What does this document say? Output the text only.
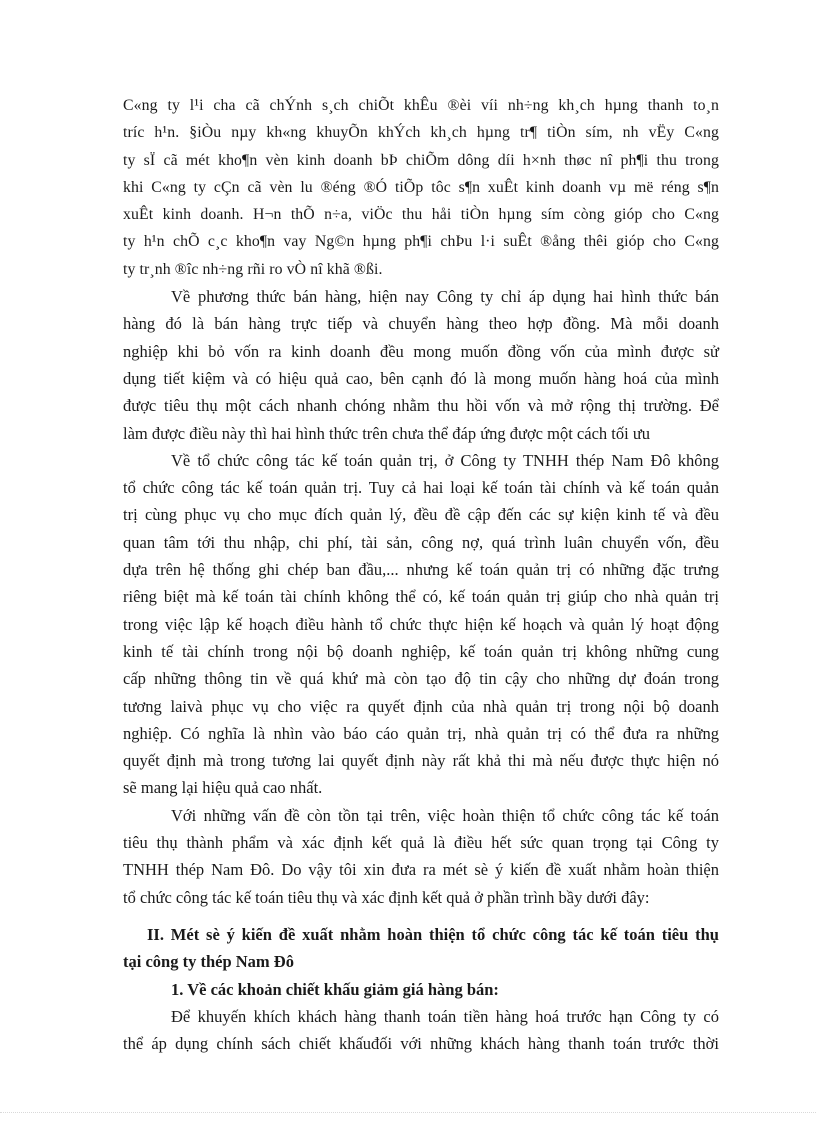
C«ng ty l¹i cha cã chÝnh s¸ch chiÕt khÊu ®èi víi nh÷ng kh¸ch hµng thanh to¸n
tríc h¹n. §iÒu nµy kh«ng khuyÕn khÝch kh¸ch hµng tr¶ tiÒn sím, nh vËy C«ng
ty sÏ cã mét kho¶n vèn kinh doanh bÞ chiÕm dông díi h×nh thøc nî ph¶i thu trong
khi C«ng ty cÇn cã vèn lu ®éng ®Ó tiÕp tôc s¶n xuÊt kinh doanh vµ më réng s¶n
xuÊt kinh doanh. H¬n thÕ n÷a, viÖc thu håi tiÒn hµng sím còng gióp cho C«ng
ty h¹n chÕ c¸c kho¶n vay Ng©n hµng ph¶i chÞu l·i suÊt ®ång thêi gióp cho C«ng
ty tr¸nh ®îc nh÷ng rñi ro vÒ nî khã ®ßi.

Về phương thức bán hàng, hiện nay Công ty chỉ áp dụng hai hình thức bán
hàng đó là bán hàng trực tiếp và chuyển hàng theo hợp đồng. Mà mỗi doanh
nghiệp khi bỏ vốn ra kinh doanh đều mong muốn đồng vốn của mình được sử
dụng tiết kiệm và có hiệu quả cao, bên cạnh đó là mong muốn hàng hoá của mình
được tiêu thụ một cách nhanh chóng nhằm thu hồi vốn và mở rộng thị trường. Để
làm được điều này thì hai hình thức trên chưa thể đáp ứng được một cách tối ưu

Về tổ chức công tác kế toán quản trị, ở Công ty TNHH thép Nam Đô không
tổ chức công tác kế toán quản trị. Tuy cả hai loại kế toán tài chính và kế toán quản
trị cùng phục vụ cho mục đích quản lý, đều đề cập đến các sự kiện kinh tế và đều
quan tâm tới thu nhập, chi phí, tài sản, công nợ, quá trình luân chuyển vốn, đều
dựa trên hệ thống ghi chép ban đầu,... nhưng kế toán quản trị có những đặc trưng
riêng biệt mà kế toán tài chính không thể có, kế toán quản trị giúp cho nhà quản trị
trong việc lập kế hoạch điều hành tổ chức thực hiện kế hoạch và quản lý hoạt động
kinh tế tài chính trong nội bộ doanh nghiệp, kế toán quản trị không những cung
cấp những thông tin về quá khứ mà còn tạo độ tin cậy cho những dự đoán trong
tương laivà phục vụ cho việc ra quyết định của nhà quản trị trong nội bộ doanh
nghiệp. Có nghĩa là nhìn vào báo cáo quản trị, nhà quản trị có thể đưa ra những
quyết định mà trong tương lai quyết định này rất khả thi mà nếu được thực hiện nó
sẽ mang lại hiệu quả cao nhất.

Với những vấn đề còn tồn tại trên, việc hoàn thiện tổ chức công tác kế toán
tiêu thụ thành phẩm và xác định kết quả là điều hết sức quan trọng tại Công ty
TNHH thép Nam Đô. Do vậy tôi xin đưa ra mét sè ý kiến đề xuất nhằm hoàn thiện
tổ chức công tác kế toán tiêu thụ và xác định kết quả ở phần trình bầy dưới đây:

II. Mét sè ý kiến đề xuất nhằm hoàn thiện tổ chức công tác kế toán tiêu thụ
tại công ty thép Nam Đô
1. Về các khoản chiết khấu giảm giá hàng bán:

Để khuyến khích khách hàng thanh toán tiền hàng hoá trước hạn Công ty có
thể áp dụng chính sách chiết khấuđối với những khách hàng thanh toán trước thời
